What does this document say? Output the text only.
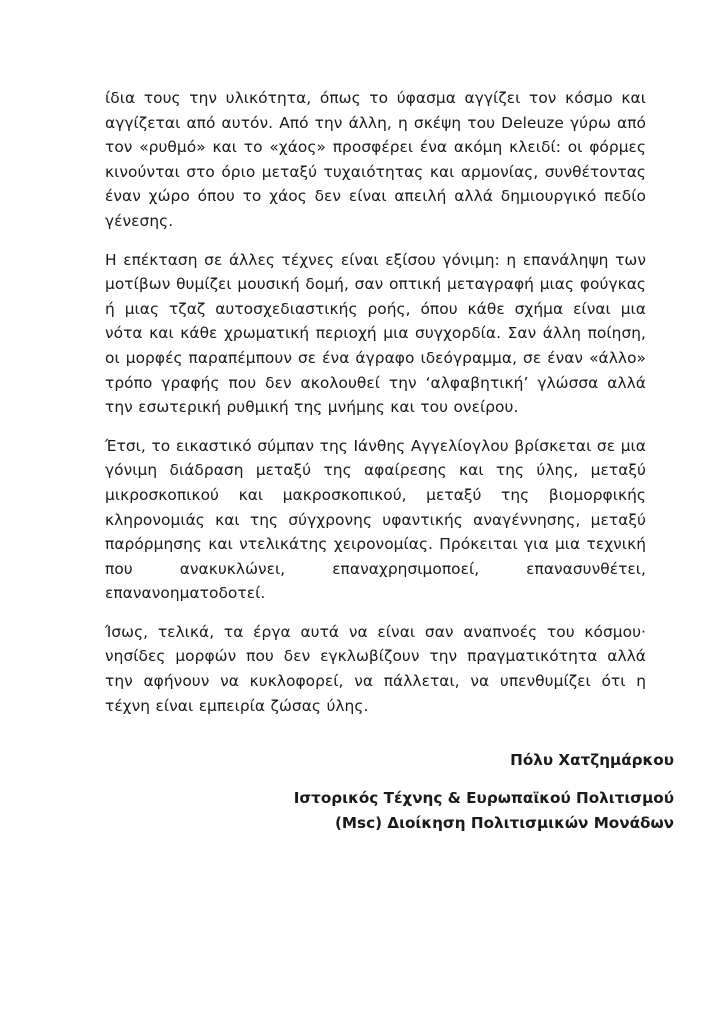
ίδια τους την υλικότητα, όπως το ύφασμα αγγίζει τον κόσμο και αγγίζεται από αυτόν. Από την άλλη, η σκέψη του Deleuze γύρω από τον «ρυθμό» και το «χάος» προσφέρει ένα ακόμη κλειδί: οι φόρμες κινούνται στο όριο μεταξύ τυχαιότητας και αρμονίας, συνθέτοντας έναν χώρο όπου το χάος δεν είναι απειλή αλλά δημιουργικό πεδίο γένεσης.

Η επέκταση σε άλλες τέχνες είναι εξίσου γόνιμη: η επανάληψη των μοτίβων θυμίζει μουσική δομή, σαν οπτική μεταγραφή μιας φούγκας ή μιας τζαζ αυτοσχεδιαστικής ροής, όπου κάθε σχήμα είναι μια νότα και κάθε χρωματική περιοχή μια συγχορδία. Σαν άλλη ποίηση, οι μορφές παραπέμπουν σε ένα άγραφο ιδεόγραμμα, σε έναν «άλλο» τρόπο γραφής που δεν ακολουθεί την ‘αλφαβητική’ γλώσσα αλλά την εσωτερική ρυθμική της μνήμης και του ονείρου.

Έτσι, το εικαστικό σύμπαν της Ιάνθης Αγγελίογλου βρίσκεται σε μια γόνιμη διάδραση μεταξύ της αφαίρεσης και της ύλης, μεταξύ μικροσκοπικού και μακροσκοπικού, μεταξύ της βιομορφικής κληρονομιάς και της σύγχρονης υφαντικής αναγέννησης, μεταξύ παρόρμησης και ντελικάτης χειρονομίας. Πρόκειται για μια τεχνική που ανακυκλώνει, επαναχρησιμοποεί, επανασυνθέτει, επανανοηματοδοτεί.

Ίσως, τελικά, τα έργα αυτά να είναι σαν αναπνοές του κόσμου· νησίδες μορφών που δεν εγκλωβίζουν την πραγματικότητα αλλά την αφήνουν να κυκλοφορεί, να πάλλεται, να υπενθυμίζει ότι η τέχνη είναι εμπειρία ζώσας ύλης.

Πόλυ Χατζημάρκου

Ιστορικός Τέχνης & Ευρωπαϊκού Πολιτισμού

(Msc) Διοίκηση Πολιτισμικών Μονάδων
